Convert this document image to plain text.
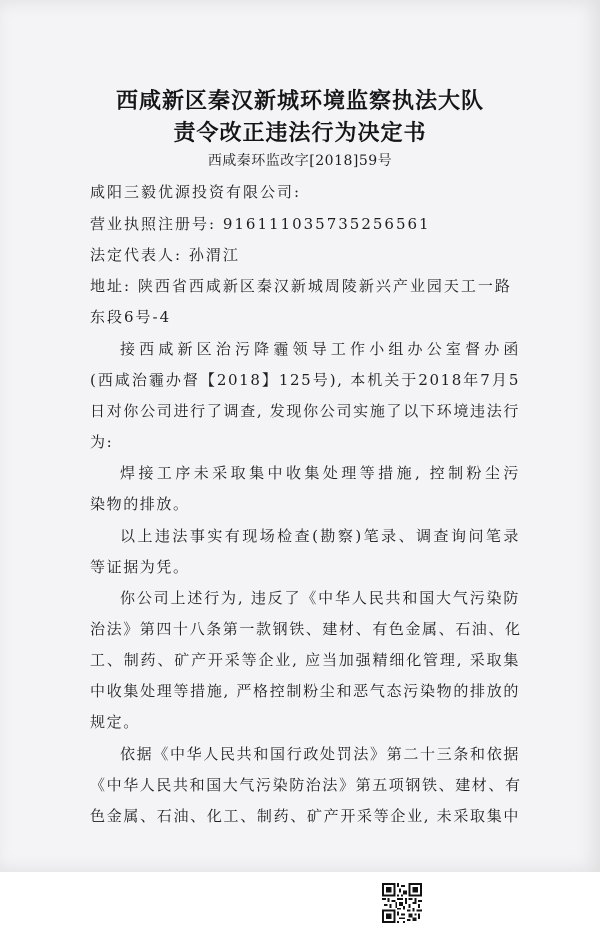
西咸新区秦汉新城环境监察执法大队
责令改正违法行为决定书
西咸秦环监改字[2018]59号
咸阳三毅优源投资有限公司:
营业执照注册号: 916111035735256561
法定代表人: 孙渭江
地址: 陕西省西咸新区秦汉新城周陵新兴产业园天工一路
东段6号-4
接西咸新区治污降霾领导工作小组办公室督办函
(西咸治霾办督【2018】125号), 本机关于2018年7月5
日对你公司进行了调查, 发现你公司实施了以下环境违法行
为:
焊接工序未采取集中收集处理等措施, 控制粉尘污
染物的排放。
以上违法事实有现场检查(勘察)笔录、调查询问笔录
等证据为凭。
你公司上述行为, 违反了《中华人民共和国大气污染防
治法》第四十八条第一款钢铁、建材、有色金属、石油、化
工、制药、矿产开采等企业, 应当加强精细化管理, 采取集
中收集处理等措施, 严格控制粉尘和恶气态污染物的排放的
规定。
依据《中华人民共和国行政处罚法》第二十三条和依据
《中华人民共和国大气污染防治法》第五项钢铁、建材、有
色金属、石油、化工、制药、矿产开采等企业, 未采取集中
